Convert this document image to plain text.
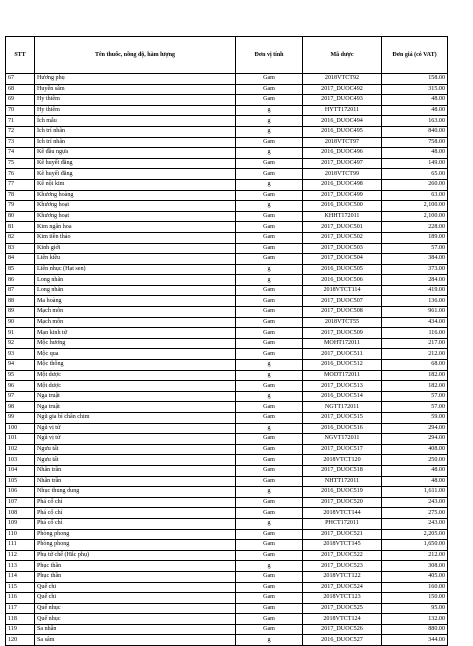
STT	Tên thuốc, nồng độ, hàm lượng	Đơn vị tính	Mã dược	Đơn giá (có VAT)
67	Hương phụ	Gam	2018VTCT92	158.00
68	Huyền sâm	Gam	2017_DUOC492	315.00
69	Hy thiêm	Gam	2017_DUOC493	48.00
70	Hy thiêm	g	HYTT172011	48.00
71	Ích mẫu	g	2016_DUOC494	163.00
72	Ích trí nhân	g	2016_DUOC495	840.00
73	Ích trí nhân	Gam	2018VTCT97	758.00
74	Kê đầu ngựa	g	2016_DUOC496	48.00
75	Kê huyết đằng	Gam	2017_DUOC497	149.00
76	Kê huyết đằng	Gam	2018VTCT99	65.00
77	Kê nội kim	g	2016_DUOC498	260.00
78	Khương hoàng	Gam	2017_DUOC499	63.00
79	Khương hoạt	g	2016_DUOC500	2,100.00
80	Khương hoạt	Gam	KHHT172011	2,100.00
81	Kim ngân hoa	Gam	2017_DUOC501	228.00
82	Kim tiền thảo	Gam	2017_DUOC502	189.00
83	Kinh giới	Gam	2017_DUOC503	57.00
84	Liên kiều	Gam	2017_DUOC504	384.00
85	Liên nhục (Hạt sen)	g	2016_DUOC505	373.00
86	Long nhãn	g	2016_DUOC506	284.00
87	Long nhãn	Gam	2018VTCT114	419.00
88	Ma hoàng	Gam	2017_DUOC507	136.00
89	Mạch môn	Gam	2017_DUOC508	961.00
90	Mạch môn	Gam	2018VTCT55	434.00
91	Mạn kinh tử	Gam	2017_DUOC509	116.00
92	Mộc hương	Gam	MOHT172011	217.00
93	Mộc qua	Gam	2017_DUOC511	212.00
94	Mộc thông	g	2016_DUOC512	68.00
95	Một dược	g	MODT172011	182.00
96	Một dược	Gam	2017_DUOC513	182.00
97	Nga truật	g	2016_DUOC514	57.00
98	Nga truật	Gam	NGTT172011	57.00
99	Ngũ gia bì chân chim	Gam	2017_DUOC515	59.00
100	Ngũ vị tử	g	2016_DUOC516	294.00
101	Ngũ vị tử	Gam	NGVT172011	294.00
102	Ngưu tất	Gam	2017_DUOC517	408.00
103	Ngưu tất	Gam	2018VTCT120	250.00
104	Nhân trần	Gam	2017_DUOC518	48.00
105	Nhân trần	Gam	NHTT172011	48.00
106	Nhục thung dung	g	2016_DUOC519	1,611.00
107	Phá cố chỉ	Gam	2017_DUOC520	243.00
108	Phá cố chỉ	Gam	2018VTCT144	275.00
109	Phá cố chỉ	g	PHCT172011	243.00
110	Phòng phong	Gam	2017_DUOC521	2,205.00
111	Phòng phong	Gam	2018VTCT145	1,650.00
112	Phụ tử chế (Hắc phụ)	Gam	2017_DUOC522	212.00
113	Phục thần	g	2017_DUOC523	308.00
114	Phục thần	Gam	2018VTCT122	405.00
115	Quế chi	Gam	2017_DUOC524	160.00
116	Quế chi	Gam	2018VTCT123	150.00
117	Quế nhục	Gam	2017_DUOC525	95.00
118	Quế nhục	Gam	2018VTCT124	132.00
119	Sa nhân	Gam	2017_DUOC526	880.00
120	Sa sâm	g	2016_DUOC527	344.00
